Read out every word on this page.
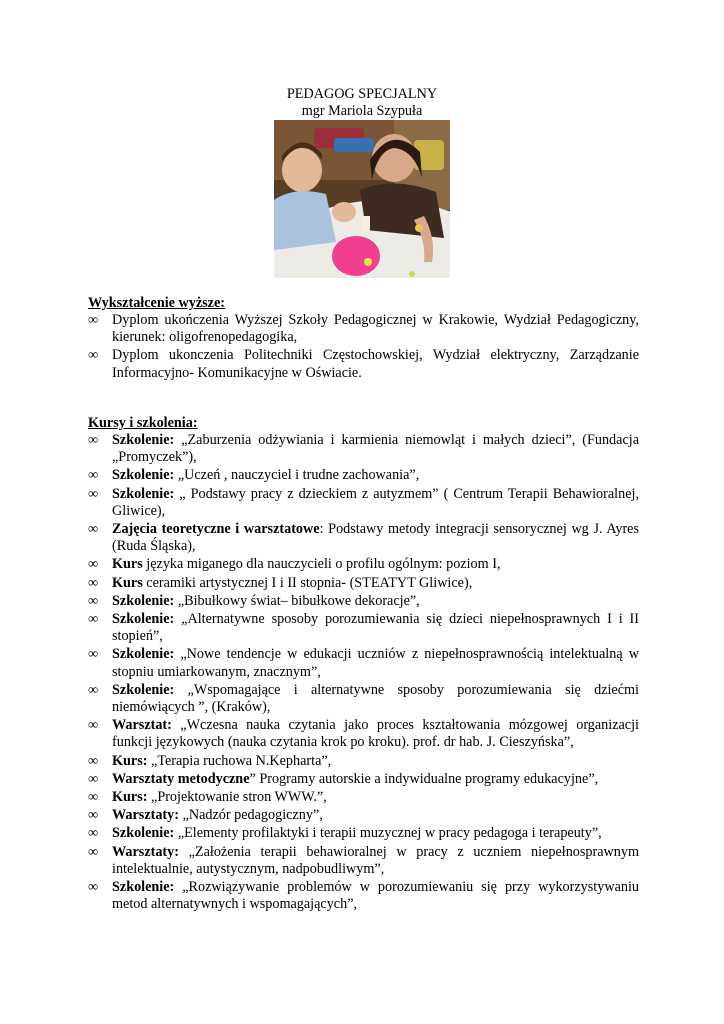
PEDAGOG SPECJALNY
mgr Mariola Szypuła
Wykształcenie wyższe:
∞ Dyplom ukończenia Wyższej Szkoły Pedagogicznej w Krakowie, Wydział Pedagogiczny, kierunek: oligofrenopedagogika,
∞ Dyplom ukonczenia Politechniki Częstochowskiej, Wydział elektryczny, Zarządzanie Informacyjno- Komunikacyjne w Oświacie.
Kursy i szkolenia:
∞ Szkolenie: „Zaburzenia odżywiania i karmienia niemowląt i małych dzieci”, (Fundacja „Promyczek”),
∞ Szkolenie: „Uczeń , nauczyciel i trudne zachowania”,
∞ Szkolenie: „ Podstawy pracy z dzieckiem z autyzmem” ( Centrum Terapii Behawioralnej, Gliwice),
∞ Zajęcia teoretyczne i warsztatowe: Podstawy metody integracji sensorycznej wg J. Ayres (Ruda Śląska),
∞ Kurs języka miganego dla nauczycieli o profilu ogólnym: poziom I,
∞ Kurs ceramiki artystycznej I i II stopnia- (STEATYT Gliwice),
∞ Szkolenie: „Bibułkowy świat– bibułkowe dekoracje”,
∞ Szkolenie: „Alternatywne sposoby porozumiewania się dzieci niepełnosprawnych I i II stopień”,
∞ Szkolenie: „Nowe tendencje w edukacji uczniów z niepełnosprawnością intelektualną w stopniu umiarkowanym, znacznym”,
∞ Szkolenie: „Wspomagające i alternatywne sposoby porozumiewania się dziećmi niemówiących ”, (Kraków),
∞ Warsztat: „Wczesna nauka czytania jako proces kształtowania mózgowej organizacji funkcji językowych (nauka czytania krok po kroku). prof. dr hab. J. Cieszyńska”,
∞ Kurs: „Terapia ruchowa N.Kepharta”,
∞ Warsztaty metodyczne” Programy autorskie a indywidualne programy edukacyjne”,
∞ Kurs: „Projektowanie stron WWW.”,
∞ Warsztaty: „Nadzór pedagogiczny”,
∞ Szkolenie: „Elementy profilaktyki i terapii muzycznej w pracy pedagoga i terapeuty”,
∞ Warsztaty: „Założenia terapii behawioralnej w pracy z uczniem niepełnosprawnym intelektualnie, autystycznym, nadpobudliwym”,
∞ Szkolenie: „Rozwiązywanie problemów w porozumiewaniu się przy wykorzystywaniu metod alternatywnych i wspomagających”,
